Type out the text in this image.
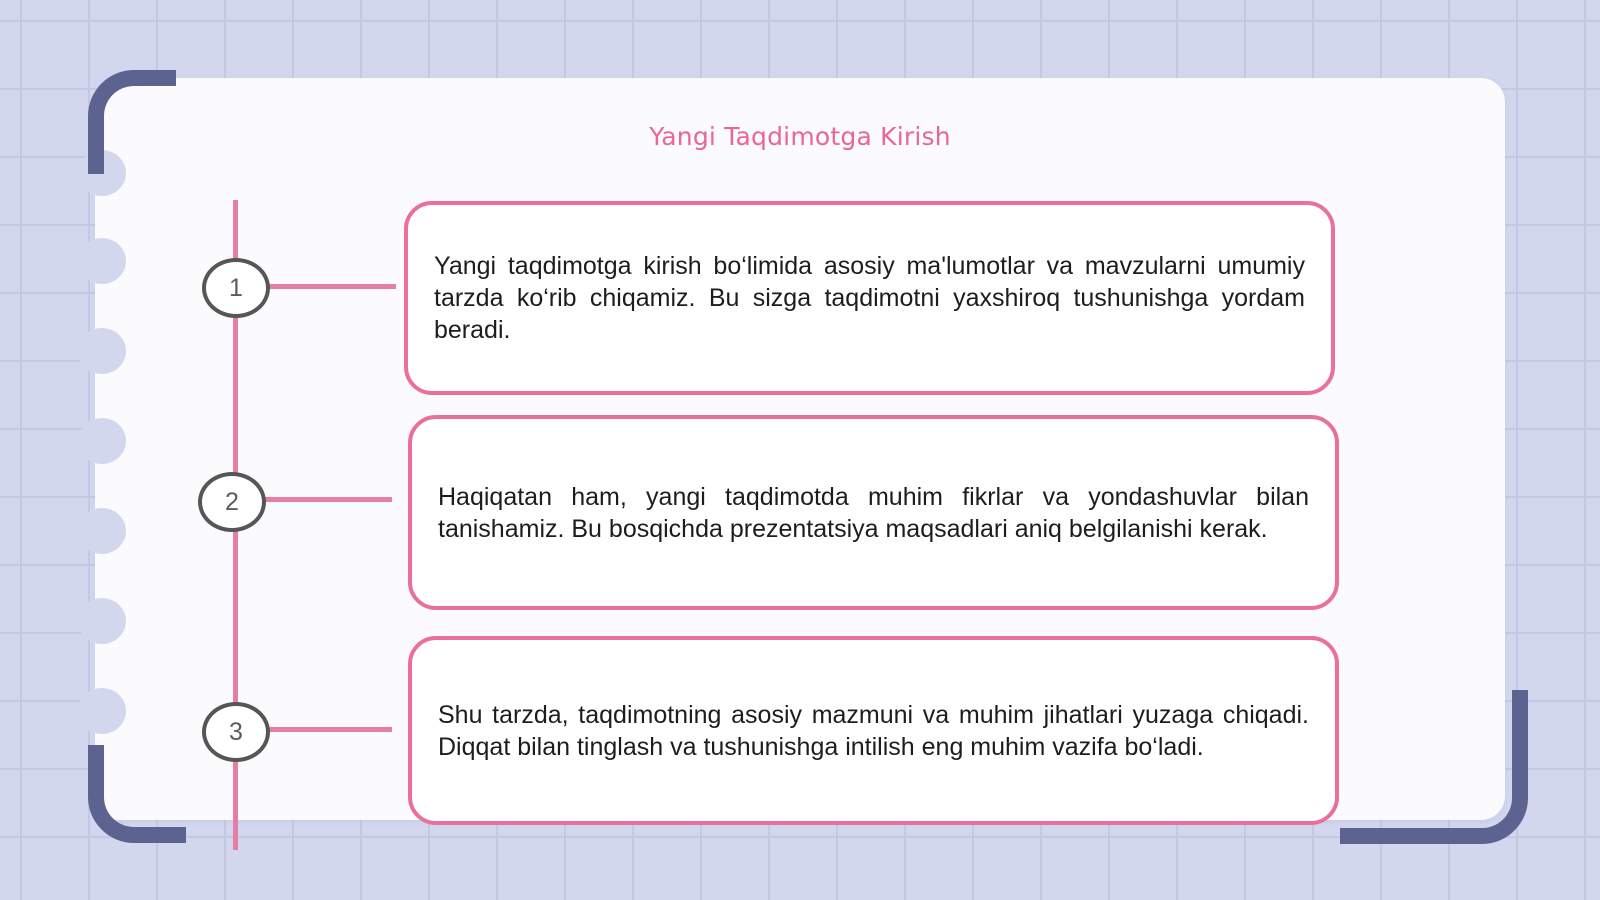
Yangi Taqdimotga Kirish
1
2
3

Yangi taqdimotga kirish bo‘limida asosiy ma'lumotlar va mavzularni umumiy tarzda ko‘rib chiqamiz. Bu sizga taqdimotni yaxshiroq tushunishga yordam beradi.

Haqiqatan ham, yangi taqdimotda muhim fikrlar va yondashuvlar bilan tanishamiz. Bu bosqichda prezentatsiya maqsadlari aniq belgilanishi kerak.

Shu tarzda, taqdimotning asosiy mazmuni va muhim jihatlari yuzaga chiqadi. Diqqat bilan tinglash va tushunishga intilish eng muhim vazifa bo‘ladi.
